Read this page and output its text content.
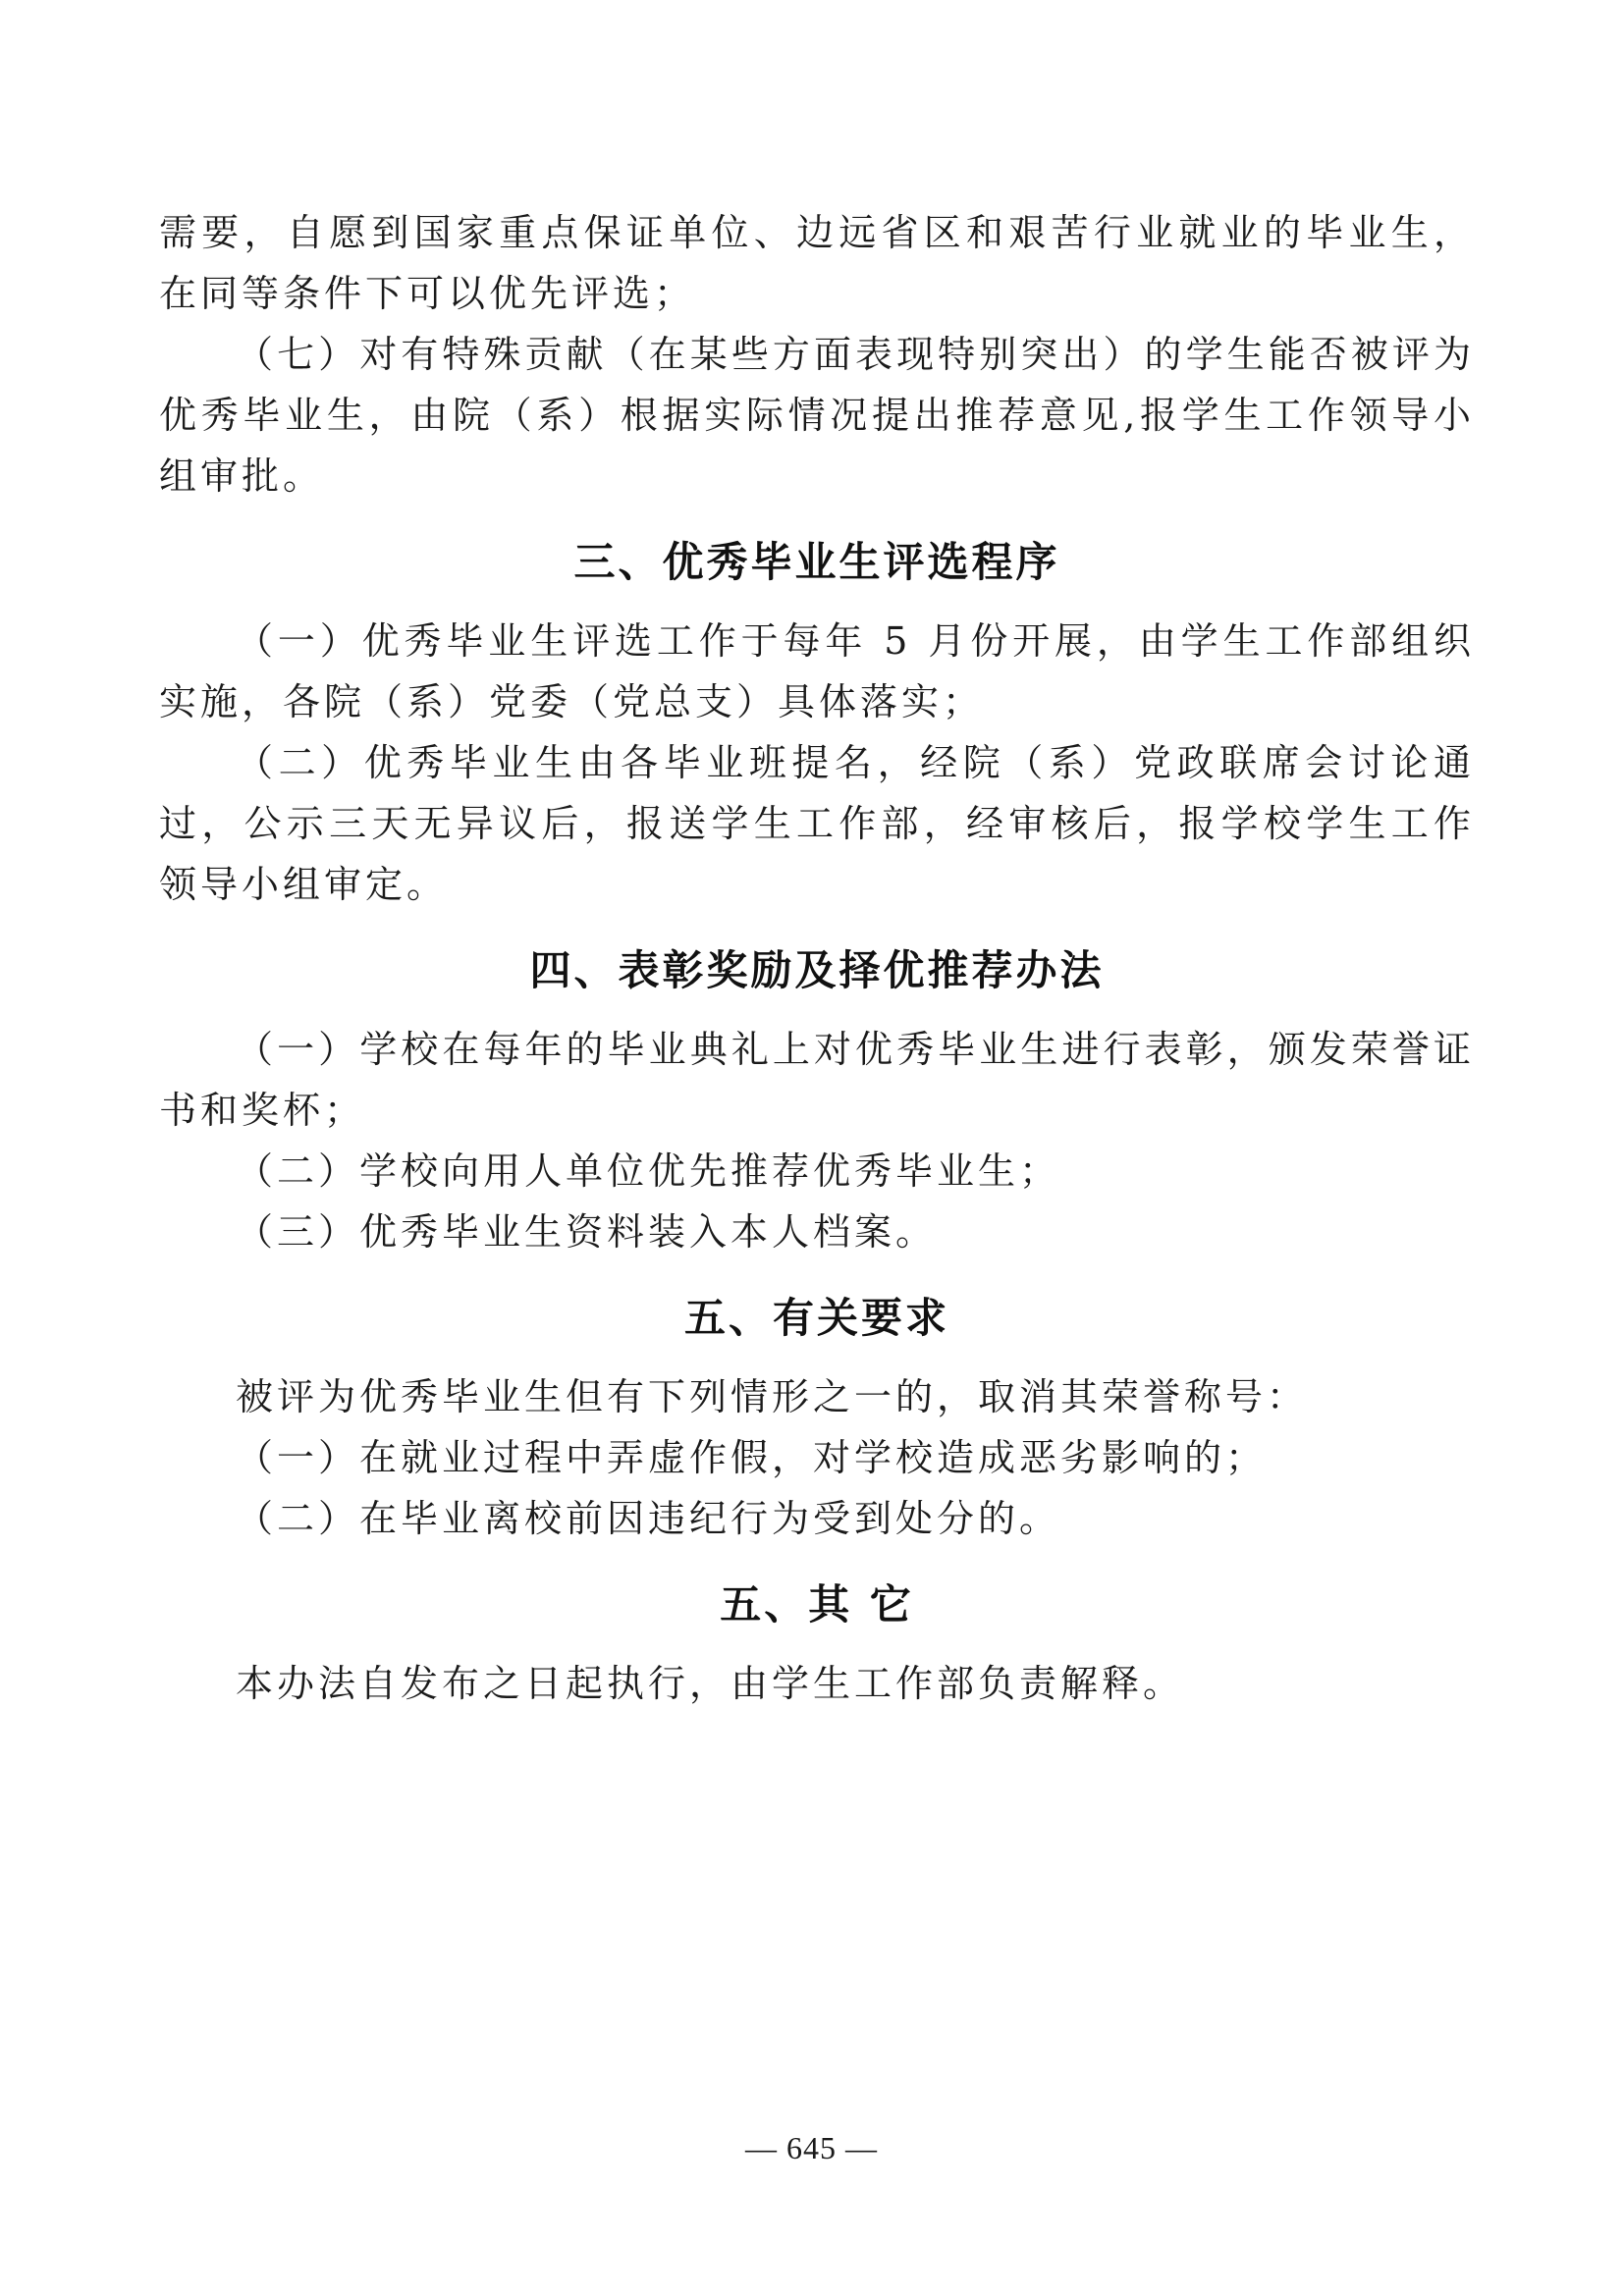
需要，自愿到国家重点保证单位、边远省区和艰苦行业就业的毕业生，在同等条件下可以优先评选；

（七）对有特殊贡献（在某些方面表现特别突出）的学生能否被评为优秀毕业生，由院（系）根据实际情况提出推荐意见,报学生工作领导小组审批。

三、优秀毕业生评选程序

（一）优秀毕业生评选工作于每年 5 月份开展，由学生工作部组织实施，各院（系）党委（党总支）具体落实；

（二）优秀毕业生由各毕业班提名，经院（系）党政联席会讨论通过，公示三天无异议后，报送学生工作部，经审核后，报学校学生工作领导小组审定。

四、表彰奖励及择优推荐办法

（一）学校在每年的毕业典礼上对优秀毕业生进行表彰，颁发荣誉证书和奖杯；

（二）学校向用人单位优先推荐优秀毕业生；

（三）优秀毕业生资料装入本人档案。

五、有关要求

被评为优秀毕业生但有下列情形之一的，取消其荣誉称号：

（一）在就业过程中弄虚作假，对学校造成恶劣影响的；

（二）在毕业离校前因违纪行为受到处分的。

五、其 它

本办法自发布之日起执行，由学生工作部负责解释。

— 645 —
